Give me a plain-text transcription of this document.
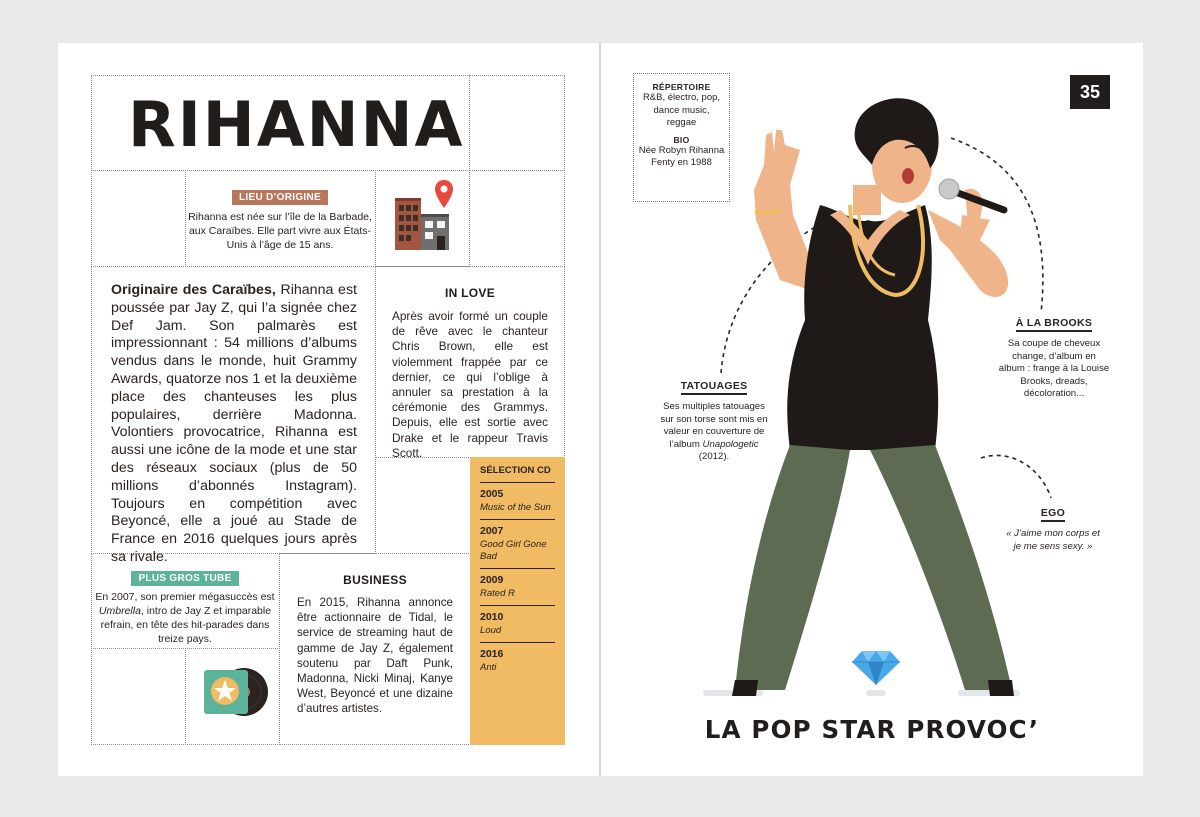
RIHANNA
LIEU D’ORIGINE
Rihanna est née sur l’île de la Barbade, aux Caraïbes. Elle part vivre aux États-Unis à l’âge de 15 ans.
Originaire des Caraïbes, Rihanna est poussée par Jay Z, qui l’a signée chez Def Jam. Son palmarès est impressionnant : 54 millions d’albums vendus dans le monde, huit Grammy Awards, quatorze nos 1 et la deuxième place des chanteuses les plus populaires, derrière Madonna. Volontiers provocatrice, Rihanna est aussi une icône de la mode et une star des réseaux sociaux (plus de 50 millions d’abonnés Instagram). Toujours en compétition avec Beyoncé, elle a joué au Stade de France en 2016 quelques jours après sa rivale.
IN LOVE
Après avoir formé un couple de rêve avec le chanteur Chris Brown, elle est violemment frappée par ce dernier, ce qui l’oblige à annuler sa prestation à la cérémonie des Grammys. Depuis, elle est sortie avec Drake et le rappeur Travis Scott.
PLUS GROS TUBE
En 2007, son premier mégasuccès est Umbrella, intro de Jay Z et imparable refrain, en tête des hit-parades dans treize pays.
BUSINESS
En 2015, Rihanna annonce être actionnaire de Tidal, le service de streaming haut de gamme de Jay Z, également soutenu par Daft Punk, Madonna, Nicki Minaj, Kanye West, Beyoncé et une dizaine d’autres artistes.
SÉLECTION CD
2005
Music of the Sun
2007
Good Girl Gone Bad
2009
Rated R
2010
Loud
2016
Anti
35
RÉPERTOIRE
R&B, électro, pop, dance music, reggae
BIO
Née Robyn Rihanna Fenty en 1988
TATOUAGES
Ses multiples tatouages sur son torse sont mis en valeur en couverture de l’album Unapologetic (2012).
À LA BROOKS
Sa coupe de cheveux change, d’album en album : frange à la Louise Brooks, dreads, décoloration...
EGO
« J’aime mon corps et je me sens sexy. »
LA POP STAR PROVOC’
